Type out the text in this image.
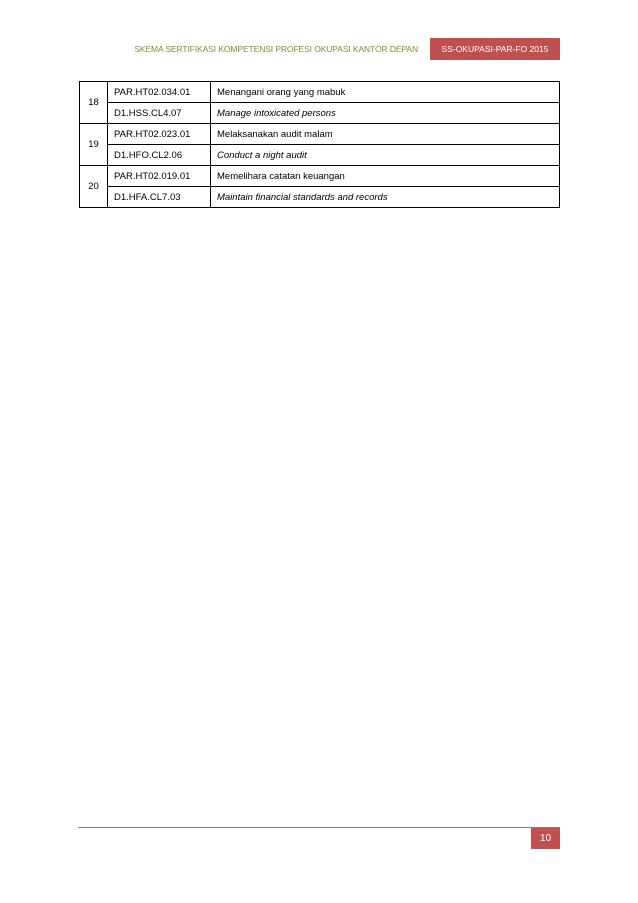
SKEMA SERTIFIKASI KOMPETENSI PROFESI OKUPASI KANTOR DEPAN	SS-OKUPASI-PAR-FO 2015
18	PAR.HT02.034.01	Menangani orang yang mabuk
	D1.HSS.CL4.07	Manage intoxicated persons
19	PAR.HT02.023.01	Melaksanakan audit malam
	D1.HFO.CL2.06	Conduct a night audit
20	PAR.HT02.019.01	Memelihara catatan keuangan
	D1.HFA.CL7.03	Maintain financial standards and records
10
